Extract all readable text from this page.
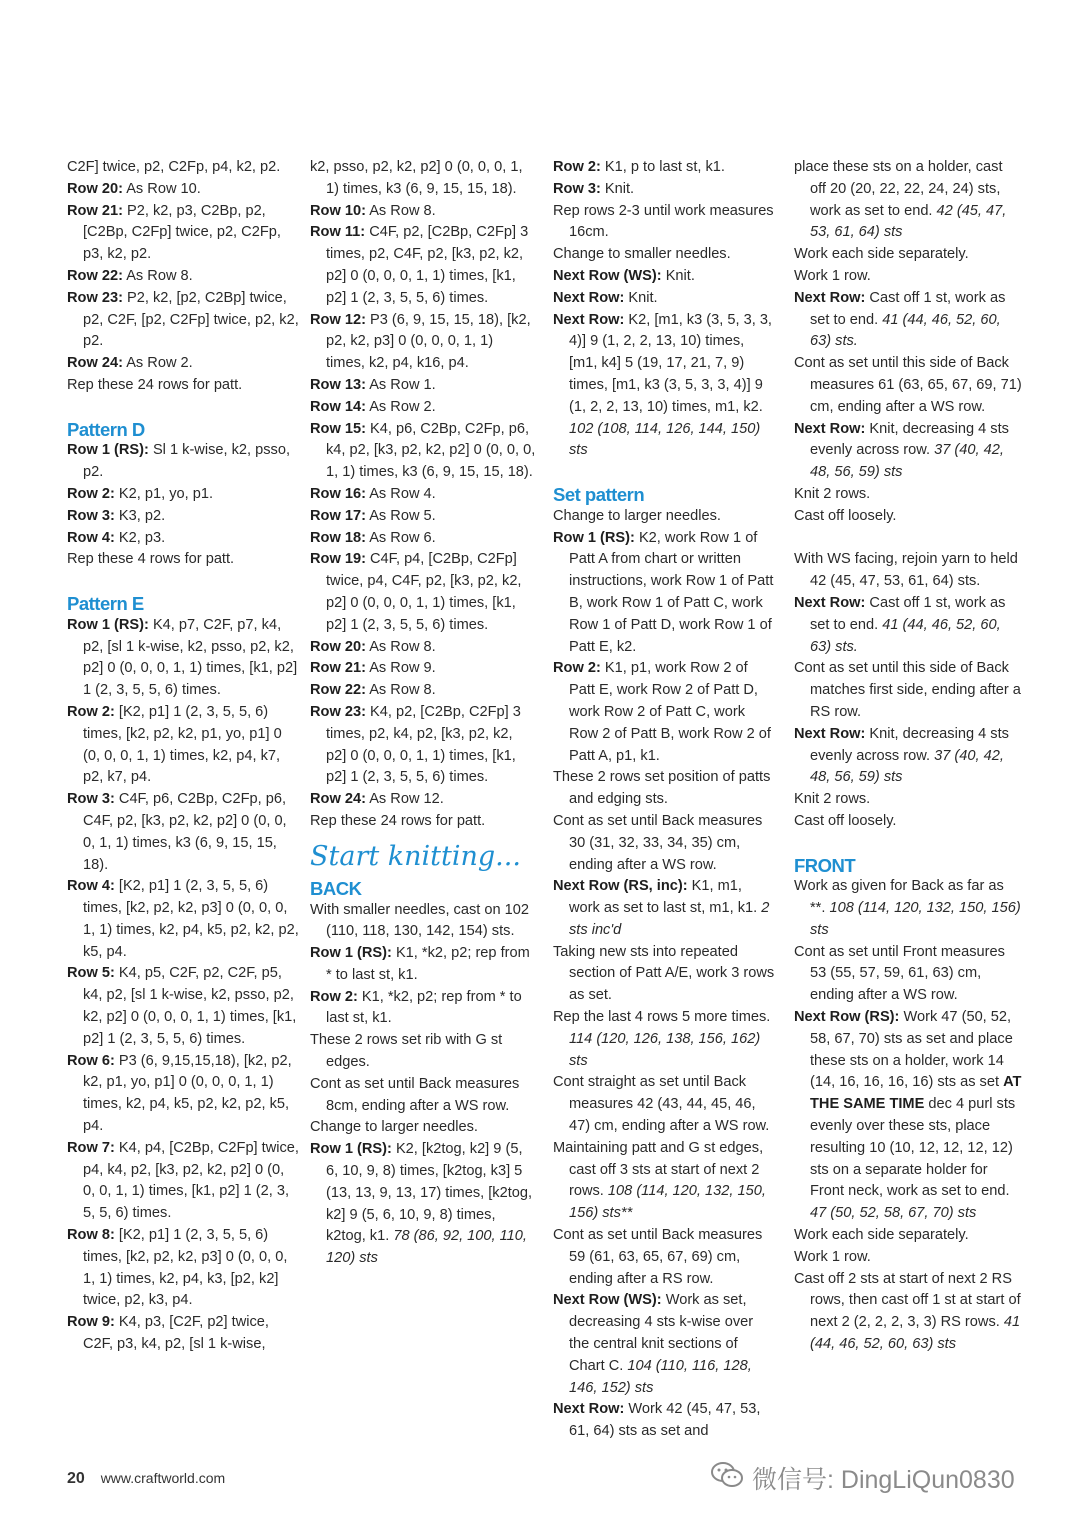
C2F] twice, p2, C2Fp, p4, k2, p2.
Row 20: As Row 10.
Row 21: P2, k2, p3, C2Bp, p2, [C2Bp, C2Fp] twice, p2, C2Fp, p3, k2, p2.
Row 22: As Row 8.
Row 23: P2, k2, [p2, C2Bp] twice, p2, C2F, [p2, C2Fp] twice, p2, k2, p2.
Row 24: As Row 2.
Rep these 24 rows for patt.
Pattern D
Row 1 (RS): Sl 1 k-wise, k2, psso, p2.
Row 2: K2, p1, yo, p1.
Row 3: K3, p2.
Row 4: K2, p3.
Rep these 4 rows for patt.
Pattern E
Row 1 (RS): K4, p7, C2F, p7, k4, p2, [sl 1 k-wise, k2, psso, p2, k2, p2] 0 (0, 0, 0, 1, 1) times, [k1, p2] 1 (2, 3, 5, 5, 6) times.
Row 2: [K2, p1] 1 (2, 3, 5, 5, 6) times, [k2, p2, k2, p1, yo, p1] 0 (0, 0, 0, 1, 1) times, k2, p4, k7, p2, k7, p4.
Row 3: C4F, p6, C2Bp, C2Fp, p6, C4F, p2, [k3, p2, k2, p2] 0 (0, 0, 0, 1, 1) times, k3 (6, 9, 15, 15, 18).
Row 4: [K2, p1] 1 (2, 3, 5, 5, 6) times, [k2, p2, k2, p3] 0 (0, 0, 0, 1, 1) times, k2, p4, k5, p2, k2, p2, k5, p4.
Row 5: K4, p5, C2F, p2, C2F, p5, k4, p2, [sl 1 k-wise, k2, psso, p2, k2, p2] 0 (0, 0, 0, 1, 1) times, [k1, p2] 1 (2, 3, 5, 5, 6) times.
Row 6: P3 (6, 9,15,15,18), [k2, p2, k2, p1, yo, p1] 0 (0, 0, 0, 1, 1) times, k2, p4, k5, p2, k2, p2, k5, p4.
Row 7: K4, p4, [C2Bp, C2Fp] twice, p4, k4, p2, [k3, p2, k2, p2] 0 (0, 0, 0, 1, 1) times, [k1, p2] 1 (2, 3, 5, 5, 6) times.
Row 8: [K2, p1] 1 (2, 3, 5, 5, 6) times, [k2, p2, k2, p3] 0 (0, 0, 0, 1, 1) times, k2, p4, k3, [p2, k2] twice, p2, k3, p4.
Row 9: K4, p3, [C2F, p2] twice, C2F, p3, k4, p2, [sl 1 k-wise,
k2, psso, p2, k2, p2] 0 (0, 0, 0, 1, 1) times, k3 (6, 9, 15, 15, 18).
Row 10: As Row 8.
Row 11: C4F, p2, [C2Bp, C2Fp] 3 times, p2, C4F, p2, [k3, p2, k2, p2] 0 (0, 0, 0, 1, 1) times, [k1, p2] 1 (2, 3, 5, 5, 6) times.
Row 12: P3 (6, 9, 15, 15, 18), [k2, p2, k2, p3] 0 (0, 0, 0, 1, 1) times, k2, p4, k16, p4.
Row 13: As Row 1.
Row 14: As Row 2.
Row 15: K4, p6, C2Bp, C2Fp, p6, k4, p2, [k3, p2, k2, p2] 0 (0, 0, 0, 1, 1) times, k3 (6, 9, 15, 15, 18).
Row 16: As Row 4.
Row 17: As Row 5.
Row 18: As Row 6.
Row 19: C4F, p4, [C2Bp, C2Fp] twice, p4, C4F, p2, [k3, p2, k2, p2] 0 (0, 0, 0, 1, 1) times, [k1, p2] 1 (2, 3, 5, 5, 6) times.
Row 20: As Row 8.
Row 21: As Row 9.
Row 22: As Row 8.
Row 23: K4, p2, [C2Bp, C2Fp] 3 times, p2, k4, p2, [k3, p2, k2, p2] 0 (0, 0, 0, 1, 1) times, [k1, p2] 1 (2, 3, 5, 5, 6) times.
Row 24: As Row 12.
Rep these 24 rows for patt.
Start knitting...
BACK
With smaller needles, cast on 102 (110, 118, 130, 142, 154) sts.
Row 1 (RS): K1, *k2, p2; rep from * to last st, k1.
Row 2: K1, *k2, p2; rep from * to last st, k1.
These 2 rows set rib with G st edges.
Cont as set until Back measures 8cm, ending after a WS row.
Change to larger needles.
Row 1 (RS): K2, [k2tog, k2] 9 (5, 6, 10, 9, 8) times, [k2tog, k3] 5 (13, 13, 9, 13, 17) times, [k2tog, k2] 9 (5, 6, 10, 9, 8) times, k2tog, k1. 78 (86, 92, 100, 110, 120) sts
Row 2: K1, p to last st, k1.
Row 3: Knit.
Rep rows 2-3 until work measures 16cm.
Change to smaller needles.
Next Row (WS): Knit.
Next Row: Knit.
Next Row: K2, [m1, k3 (3, 5, 3, 3, 4)] 9 (1, 2, 2, 13, 10) times, [m1, k4] 5 (19, 17, 21, 7, 9) times, [m1, k3 (3, 5, 3, 3, 4)] 9 (1, 2, 2, 13, 10) times, m1, k2. 102 (108, 114, 126, 144, 150) sts
Set pattern
Change to larger needles.
Row 1 (RS): K2, work Row 1 of Patt A from chart or written instructions, work Row 1 of Patt B, work Row 1 of Patt C, work Row 1 of Patt D, work Row 1 of Patt E, k2.
Row 2: K1, p1, work Row 2 of Patt E, work Row 2 of Patt D, work Row 2 of Patt C, work Row 2 of Patt B, work Row 2 of Patt A, p1, k1.
These 2 rows set position of patts and edging sts.
Cont as set until Back measures 30 (31, 32, 33, 34, 35) cm, ending after a WS row.
Next Row (RS, inc): K1, m1, work as set to last st, m1, k1. 2 sts inc'd
Taking new sts into repeated section of Patt A/E, work 3 rows as set.
Rep the last 4 rows 5 more times. 114 (120, 126, 138, 156, 162) sts
Cont straight as set until Back measures 42 (43, 44, 45, 46, 47) cm, ending after a WS row.
Maintaining patt and G st edges, cast off 3 sts at start of next 2 rows. 108 (114, 120, 132, 150, 156) sts**
Cont as set until Back measures 59 (61, 63, 65, 67, 69) cm, ending after a RS row.
Next Row (WS): Work as set, decreasing 4 sts k-wise over the central knit sections of Chart C. 104 (110, 116, 128, 146, 152) sts
Next Row: Work 42 (45, 47, 53, 61, 64) sts as set and
place these sts on a holder, cast off 20 (20, 22, 22, 24, 24) sts, work as set to end. 42 (45, 47, 53, 61, 64) sts
Work each side separately.
Work 1 row.
Next Row: Cast off 1 st, work as set to end. 41 (44, 46, 52, 60, 63) sts.
Cont as set until this side of Back measures 61 (63, 65, 67, 69, 71) cm, ending after a WS row.
Next Row: Knit, decreasing 4 sts evenly across row. 37 (40, 42, 48, 56, 59) sts
Knit 2 rows.
Cast off loosely.
With WS facing, rejoin yarn to held 42 (45, 47, 53, 61, 64) sts.
Next Row: Cast off 1 st, work as set to end. 41 (44, 46, 52, 60, 63) sts.
Cont as set until this side of Back matches first side, ending after a RS row.
Next Row: Knit, decreasing 4 sts evenly across row. 37 (40, 42, 48, 56, 59) sts
Knit 2 rows.
Cast off loosely.
FRONT
Work as given for Back as far as **. 108 (114, 120, 132, 150, 156) sts
Cont as set until Front measures 53 (55, 57, 59, 61, 63) cm, ending after a WS row.
Next Row (RS): Work 47 (50, 52, 58, 67, 70) sts as set and place these sts on a holder, work 14 (14, 16, 16, 16, 16) sts as set AT THE SAME TIME dec 4 purl sts evenly over these sts, place resulting 10 (10, 12, 12, 12, 12) sts on a separate holder for Front neck, work as set to end. 47 (50, 52, 58, 67, 70) sts
Work each side separately.
Work 1 row.
Cast off 2 sts at start of next 2 RS rows, then cast off 1 st at start of next 2 (2, 2, 2, 3, 3) RS rows. 41 (44, 46, 52, 60, 63) sts
20 www.craftworld.com	微信号: DingLiQun0830
